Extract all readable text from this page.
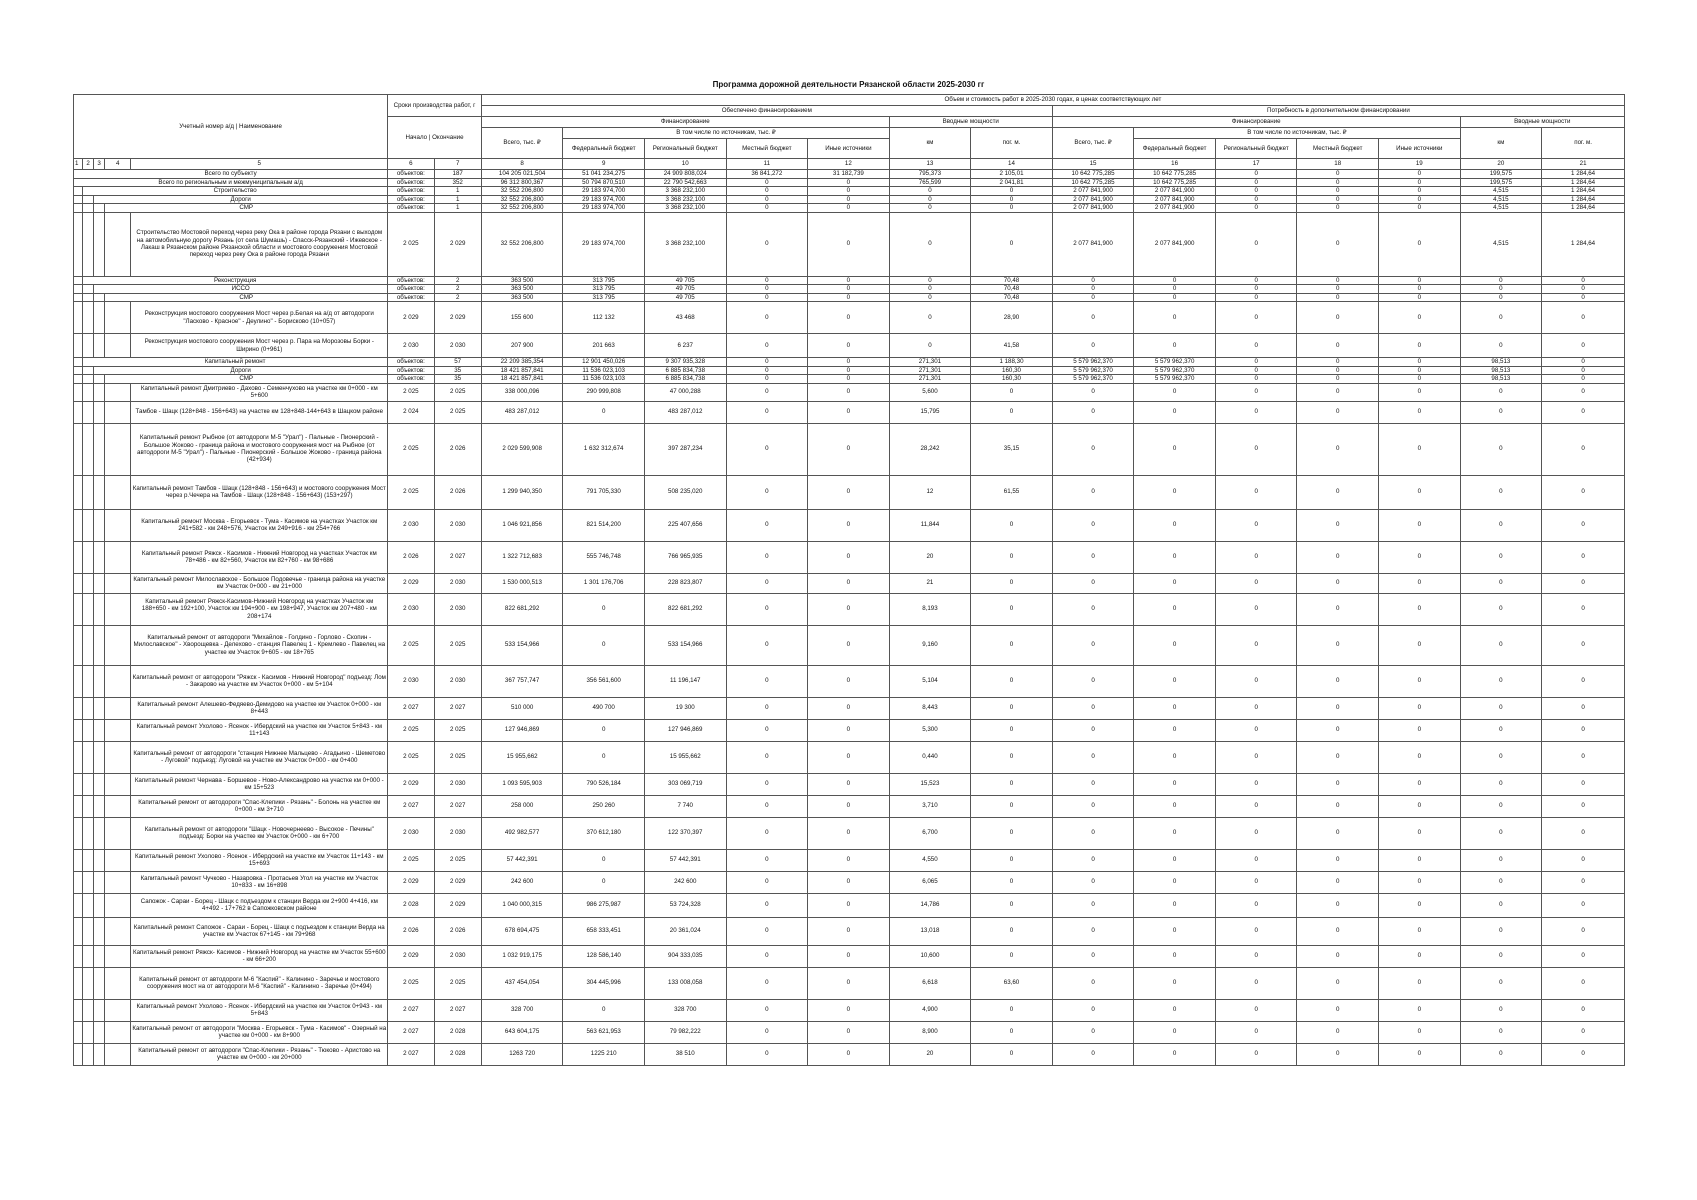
Программа дорожной деятельности Рязанской области 2025-2030 гг
Учетный номер а/д | Наименование					Сроки производства работ, г		Объем и стоимость работ в 2025-2030 годах, в ценах соответствующих лет													
							Обеспечено финансированием							Потребность в дополнительном финансировании						
					Начало | Окончание		Финансирование					Вводные мощности		Финансирование					Вводные мощности	
							Всего, тыс. ₽	В том числе по источникам, тыс. ₽				км	пог. м.	Всего, тыс. ₽	В том числе по источникам, тыс. ₽				км	пог. м.
								Федеральный бюджет	Региональный бюджет	Местный бюджет	Иные источники				Федеральный бюджет	Региональный бюджет	Местный бюджет	Иные источники		
1	2	3	4	5	6	7	8	9	10	11	12	13	14	15	16	17	18	19	20	21
Всего по субъекту					объектов:	187	104 205 021,504	51 041 234,275	24 909 808,024	36 841,272	31 182,739	795,373	2 105,01	10 642 775,285	10 642 775,285	0	0	0	199,575	1 284,64
Всего по региональным и межмуниципальным а/д					объектов:	352	96 312 800,367	50 794 870,510	22 790 542,663	0	0	765,599	2 041,81	10 642 775,285	10 642 775,285	0	0	0	199,575	1 284,64
	Строительство				объектов:	1	32 552 206,800	29 183 974,700	3 368 232,100	0	0	0	0	2 077 841,900	2 077 841,900	0	0	0	4,515	1 284,64
		Дороги			объектов:	1	32 552 206,800	29 183 974,700	3 368 232,100	0	0	0	0	2 077 841,900	2 077 841,900	0	0	0	4,515	1 284,64
			СМР		объектов:	1	32 552 206,800	29 183 974,700	3 368 232,100	0	0	0	0	2 077 841,900	2 077 841,900	0	0	0	4,515	1 284,64
				Строительство Мостовой переход через реку Ока в районе города Рязани с выходом на автомобильную дорогу Рязань (от села Шумашь) - Спасск-Рязанский - Ижевское - Лакаш в Рязанском районе Рязанской области и мостового сооружения Мостовой переход через реку Ока в районе города Рязани	2 025	2 029	32 552 206,800	29 183 974,700	3 368 232,100	0	0	0	0	2 077 841,900	2 077 841,900	0	0	0	4,515	1 284,64
	Реконструкция				объектов:	2	363 500	313 795	49 705	0	0	0	70,48	0	0	0	0	0	0	0
		ИССО			объектов:	2	363 500	313 795	49 705	0	0	0	70,48	0	0	0	0	0	0	0
			СМР		объектов:	2	363 500	313 795	49 705	0	0	0	70,48	0	0	0	0	0	0	0
				Реконструкция мостового сооружения Мост через р.Белая на а/д от автодороги "Ласково - Красное" - Деулино" - Борисково (10+057)	2 029	2 029	155 600	112 132	43 468	0	0	0	28,90	0	0	0	0	0	0	0
				Реконструкция мостового сооружения Мост через р. Пара на Морозовы Борки - Ширино (0+961)	2 030	2 030	207 900	201 663	6 237	0	0	0	41,58	0	0	0	0	0	0	0
	Капитальный ремонт				объектов:	57	22 209 385,354	12 901 450,026	9 307 935,328	0	0	271,301	1 188,30	5 579 962,370	5 579 962,370	0	0	0	98,513	0
		Дороги			объектов:	35	18 421 857,841	11 536 023,103	6 885 834,738	0	0	271,301	160,30	5 579 962,370	5 579 962,370	0	0	0	98,513	0
			СМР		объектов:	35	18 421 857,841	11 536 023,103	6 885 834,738	0	0	271,301	160,30	5 579 962,370	5 579 962,370	0	0	0	98,513	0
				Капитальный ремонт Дмитриево - Дахово - Семенчухово на участке км 0+000 - км 5+600	2 025	2 025	338 000,096	290 999,808	47 000,288	0	0	5,600	0	0	0	0	0	0	0	0
				Тамбов - Шацк (128+848 - 156+643) на участке км 128+848-144+643 в Шацком районе	2 024	2 025	483 287,012	0	483 287,012	0	0	15,795	0	0	0	0	0	0	0	0
				Капитальный ремонт Рыбное (от автодороги М-5 "Урал") - Пальные - Пионерский - Большое Жоково - граница района и мостового сооружения мост на Рыбное (от автодороги М-5 "Урал") - Пальные - Пионерский - Большое Жоково - граница района (42+934)	2 025	2 026	2 029 599,908	1 632 312,674	397 287,234	0	0	28,242	35,15	0	0	0	0	0	0	0
				Капитальный ремонт Тамбов - Шацк (128+848 - 156+643) и мостового сооружения Мост через р.Чечера на Тамбов - Шацк (128+848 - 156+643) (153+297)	2 025	2 026	1 299 940,350	791 705,330	508 235,020	0	0	12	61,55	0	0	0	0	0	0	0
				Капитальный ремонт Москва - Егорьевск - Тума - Касимов на участках Участок км 241+582 - км 248+576, Участок км 249+916 - км 254+766	2 030	2 030	1 046 921,856	821 514,200	225 407,656	0	0	11,844	0	0	0	0	0	0	0	0
				Капитальный ремонт Ряжск - Касимов - Нижний Новгород на участках Участок км 78+486 - км 82+560, Участок км 82+760 - км 98+686	2 026	2 027	1 322 712,683	555 746,748	766 965,935	0	0	20	0	0	0	0	0	0	0	0
				Капитальный ремонт Милославское - Большое Подовечье - граница района на участке км Участок 0+000 - км 21+000	2 029	2 030	1 530 000,513	1 301 176,706	228 823,807	0	0	21	0	0	0	0	0	0	0	0
				Капитальный ремонт Ряжск-Касимов-Нижний Новгород на участках Участок км 188+650 - км 192+100, Участок км 194+900 - км 198+947, Участок км 207+480 - км 208+174	2 030	2 030	822 681,292	0	822 681,292	0	0	8,193	0	0	0	0	0	0	0	0
				Капитальный ремонт от автодороги "Михайлов - Голдино - Горлово - Скопин - Милославское" - Хворощевка - Делехово - станция Павелец 1 - Кремлево - Павелец на участке км Участок 9+605 - км 18+765	2 025	2 025	533 154,966	0	533 154,966	0	0	9,160	0	0	0	0	0	0	0	0
				Капитальный ремонт от автодороги "Ряжск - Касимов - Нижний Новгород" подъезд: Лом - Закарово на участке км Участок 0+000 - км 5+104	2 030	2 030	367 757,747	356 561,600	11 196,147	0	0	5,104	0	0	0	0	0	0	0	0
				Капитальный ремонт Алешево-Федяево-Демидово на участке км Участок 0+000 - км 8+443	2 027	2 027	510 000	490 700	19 300	0	0	8,443	0	0	0	0	0	0	0	0
				Капитальный ремонт Ухолово - Ясенок - Ибердский на участке км Участок 5+843 - км 11+143	2 025	2 025	127 946,869	0	127 946,869	0	0	5,300	0	0	0	0	0	0	0	0
				Капитальный ремонт от автодороги "станция Нижнее Мальцево - Агадьино - Шеметово - Луговой" подъезд: Луговой на участке км Участок 0+000 - км 0+400	2 025	2 025	15 955,662	0	15 955,662	0	0	0,440	0	0	0	0	0	0	0	0
				Капитальный ремонт Чернава - Боршевое - Ново-Александрово на участке км 0+000 - км 15+523	2 029	2 030	1 093 595,903	790 526,184	303 069,719	0	0	15,523	0	0	0	0	0	0	0	0
				Капитальный ремонт от автодороги "Спас-Клепики - Рязань" - Болонь на участке км 0+000 - км 3+710	2 027	2 027	258 000	250 260	7 740	0	0	3,710	0	0	0	0	0	0	0	0
				Капитальный ремонт от автодороги "Шацк - Новочернеево - Высокое - Печины" подъезд: Борки на участке км Участок 0+000 - км 6+700	2 030	2 030	492 982,577	370 612,180	122 370,397	0	0	6,700	0	0	0	0	0	0	0	0
				Капитальный ремонт Ухолово - Ясенок - Ибердский на участке км Участок 11+143 - км 15+693	2 025	2 025	57 442,391	0	57 442,391	0	0	4,550	0	0	0	0	0	0	0	0
				Капитальный ремонт Чучково - Назаровка - Протасьев Угол на участке км Участок 10+833 - км 16+898	2 029	2 029	242 600	0	242 600	0	0	6,065	0	0	0	0	0	0	0	0
				Сапожок - Сараи - Борец - Шацк с подъездом к станции Верда км 2+900 4+416, км 4+492 - 17+762 в Сапожковском районе	2 028	2 029	1 040 000,315	986 275,987	53 724,328	0	0	14,786	0	0	0	0	0	0	0	0
				Капитальный ремонт Сапожок - Сараи - Борец - Шацк с подъездом к станции Верда на участке км Участок 67+145 - км 79+968	2 026	2 026	678 694,475	658 333,451	20 361,024	0	0	13,018	0	0	0	0	0	0	0	0
				Капитальный ремонт Ряжск- Касимов - Нижний Новгород на участке км Участок 55+600 - км 66+200	2 029	2 030	1 032 919,175	128 586,140	904 333,035	0	0	10,600	0	0	0	0	0	0	0	0
				Капитальный ремонт от автодороги М-6 "Каспий" - Калинино - Заречье и мостового сооружения мост на от автодороги М-6 "Каспий" - Калинино - Заречье (0+494)	2 025	2 025	437 454,054	304 445,996	133 008,058	0	0	6,618	63,60	0	0	0	0	0	0	0
				Капитальный ремонт Ухолово - Ясенок - Ибердский на участке км Участок 0+943 - км 5+843	2 027	2 027	328 700	0	328 700	0	0	4,900	0	0	0	0	0	0	0	0
				Капитальный ремонт от автодороги "Москва - Егорьевск - Тума - Касимов" - Озерный на участке км 0+000 - км 8+900	2 027	2 028	643 604,175	563 621,953	79 982,222	0	0	8,900	0	0	0	0	0	0	0	0
				Капитальный ремонт от автодороги "Спас-Клепики - Рязань" - Тюково - Аристово на участке км 0+000 - км 20+000	2 027	2 028	1263 720	1225 210	38 510	0	0	20	0	0	0	0	0	0	0	0
